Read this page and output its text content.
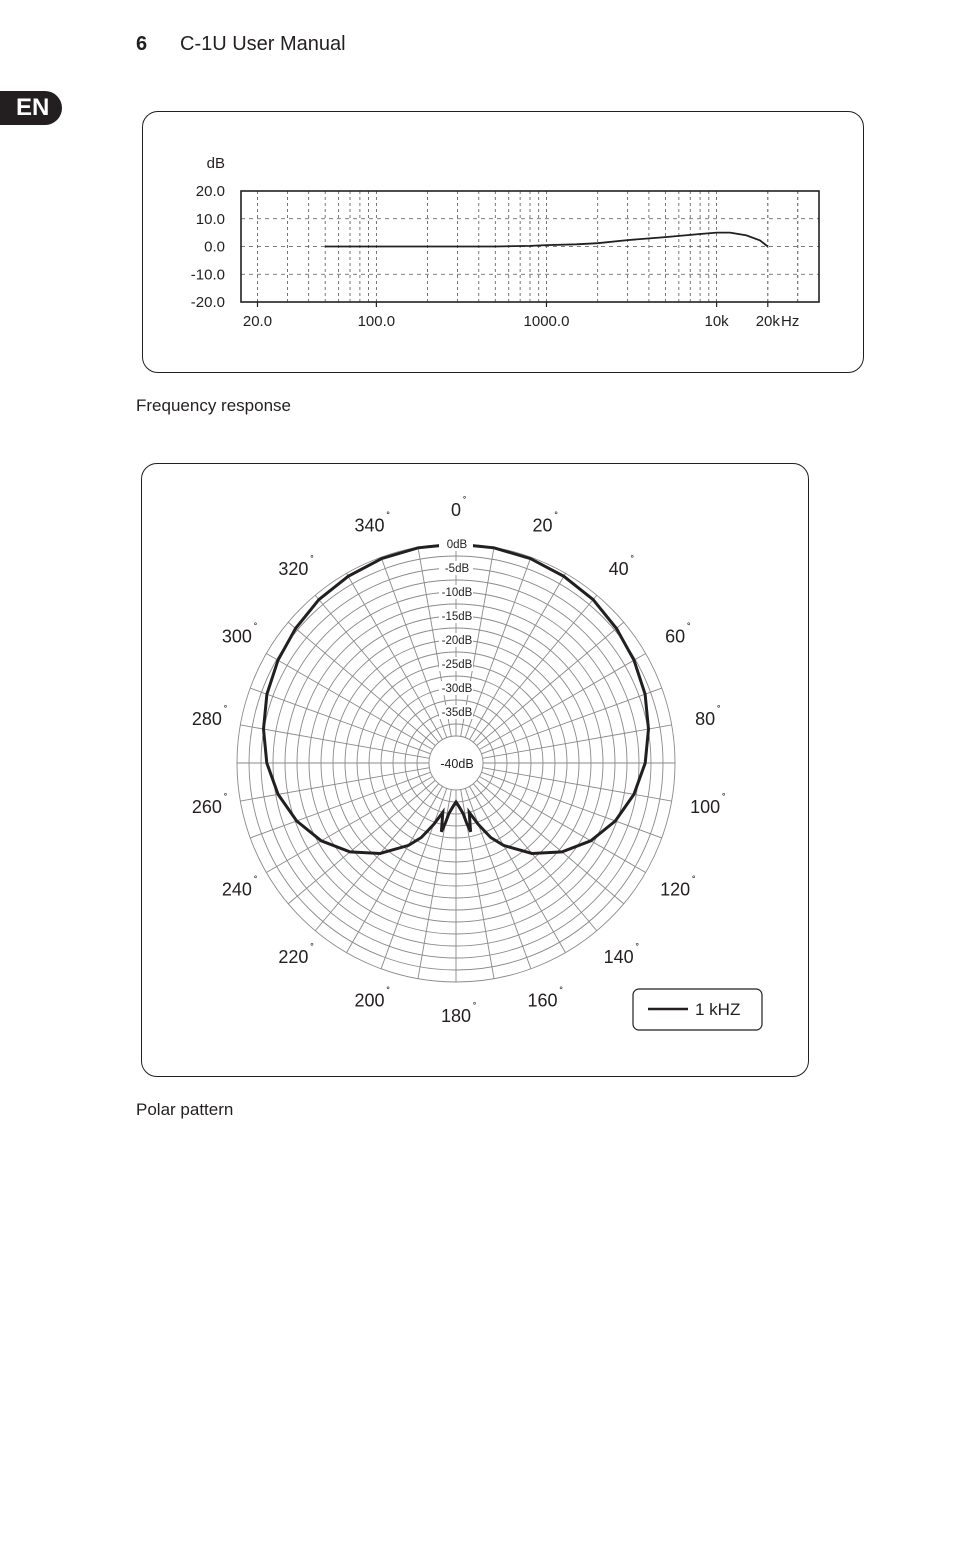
6 C-1U User Manual
EN
20.0
10.0
0.0
-10.0
-20.0
20.0	100.0	1000.0	10k 20k
dB
Hz
Frequency response
0dB
-5dB
-10dB
-15dB
-20dB
-25dB
-30dB
-35dB
-40dB
0 ˚
20 ˚
40 ˚
60 ˚
80 ˚
100 ˚
120 ˚
140 ˚
160 ˚
180 ˚
200 ˚
220 ˚
240 ˚
260 ˚
280 ˚
300 ˚
320 ˚
340 ˚
1 kHZ
Polar pattern
